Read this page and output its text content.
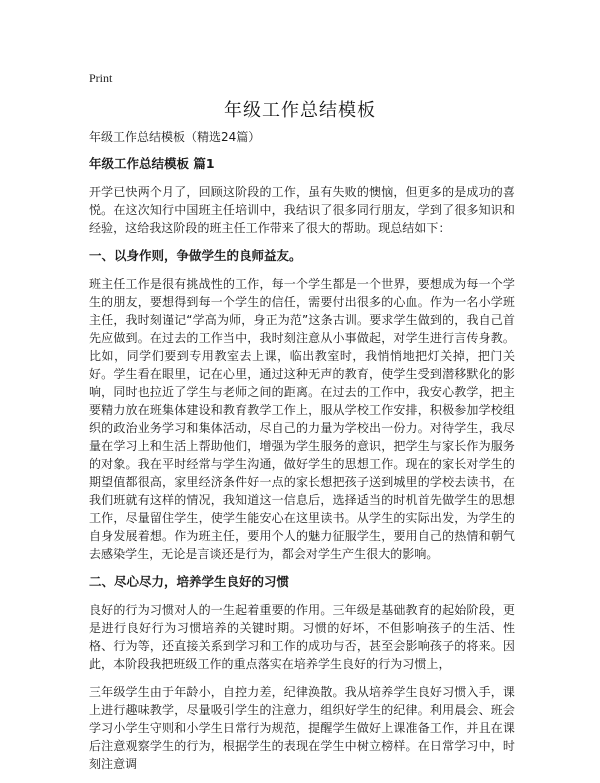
Print
年级工作总结模板

年级工作总结模板（精选24篇）

年级工作总结模板 篇1

开学已快两个月了，回顾这阶段的工作，虽有失败的懊恼，但更多的是成功的喜悦。在这次知行中国班主任培训中，我结识了很多同行朋友，学到了很多知识和经验，这给我这阶段的班主任工作带来了很大的帮助。现总结如下：

一、以身作则，争做学生的良师益友。

班主任工作是很有挑战性的工作，每一个学生都是一个世界，要想成为每一个学生的朋友，要想得到每一个学生的信任，需要付出很多的心血。作为一名小学班主任，我时刻谨记“学高为师，身正为范”这条古训。要求学生做到的，我自己首先应做到。在过去的工作当中，我时刻注意从小事做起，对学生进行言传身教。比如，同学们要到专用教室去上课，临出教室时，我悄悄地把灯关掉，把门关好。学生看在眼里，记在心里，通过这种无声的教育，使学生受到潜移默化的影响，同时也拉近了学生与老师之间的距离。在过去的工作中，我安心教学，把主要精力放在班集体建设和教育教学工作上，服从学校工作安排，积极参加学校组织的政治业务学习和集体活动，尽自己的力量为学校出一份力。对待学生，我尽量在学习上和生活上帮助他们，增强为学生服务的意识，把学生与家长作为服务的对象。我在平时经常与学生沟通，做好学生的思想工作。现在的家长对学生的期望值都很高，家里经济条件好一点的家长想把孩子送到城里的学校去读书，在我们班就有这样的情况，我知道这一信息后，选择适当的时机首先做学生的思想工作，尽量留住学生，使学生能安心在这里读书。从学生的实际出发，为学生的自身发展着想。作为班主任，要用个人的魅力征服学生，要用自己的热情和朝气去感染学生，无论是言谈还是行为，都会对学生产生很大的影响。

二、尽心尽力，培养学生良好的习惯

良好的行为习惯对人的一生起着重要的作用。三年级是基础教育的起始阶段，更是进行良好行为习惯培养的关键时期。习惯的好坏，不但影响孩子的生活、性格、行为等，还直接关系到学习和工作的成功与否，甚至会影响孩子的将来。因此，本阶段我把班级工作的重点落实在培养学生良好的行为习惯上，

三年级学生由于年龄小，自控力差，纪律涣散。我从培养学生良好习惯入手，课上进行趣味教学，尽量吸引学生的注意力，组织好学生的纪律。利用晨会、班会学习小学生守则和小学生日常行为规范，提醒学生做好上课准备工作，并且在课后注意观察学生的行为，根据学生的表现在学生中树立榜样。在日常学习中，时刻注意调
